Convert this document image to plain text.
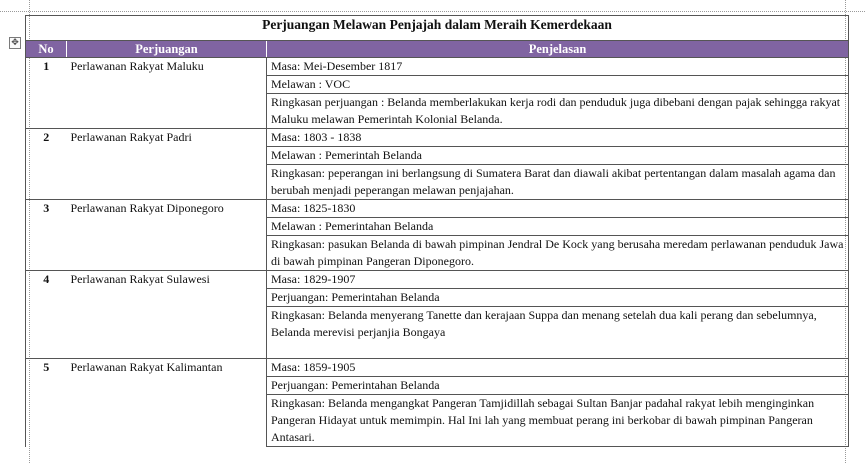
✥
Perjuangan Melawan Penjajah dalam Meraih Kemerdekaan		
No	Perjuangan	Penjelasan
1	Perlawanan Rakyat Maluku	Masa: Mei-Desember 1817
		Melawan : VOC
		Ringkasan perjuangan : Belanda memberlakukan kerja rodi dan penduduk juga dibebani dengan pajak sehingga rakyat Maluku melawan Pemerintah Kolonial Belanda.
2	Perlawanan Rakyat Padri	Masa: 1803 - 1838
		Melawan : Pemerintah Belanda
		Ringkasan: peperangan ini berlangsung di Sumatera Barat dan diawali akibat pertentangan dalam masalah agama dan berubah menjadi peperangan melawan penjajahan.
3	Perlawanan Rakyat Diponegoro	Masa: 1825-1830
		Melawan : Pemerintahan Belanda
		Ringkasan: pasukan Belanda di bawah pimpinan Jendral De Kock yang berusaha meredam perlawanan penduduk Jawa di bawah pimpinan Pangeran Diponegoro.
4	Perlawanan Rakyat Sulawesi	Masa: 1829-1907
		Perjuangan: Pemerintahan Belanda
		Ringkasan: Belanda menyerang Tanette dan kerajaan Suppa dan menang setelah dua kali perang dan sebelumnya, Belanda merevisi perjanjia Bongaya
5	Perlawanan Rakyat Kalimantan	Masa: 1859-1905
		Perjuangan: Pemerintahan Belanda
		Ringkasan: Belanda mengangkat Pangeran Tamjidillah sebagai Sultan Banjar padahal rakyat lebih menginginkan Pangeran Hidayat untuk memimpin. Hal Ini lah yang membuat perang ini berkobar di bawah pimpinan Pangeran Antasari.
